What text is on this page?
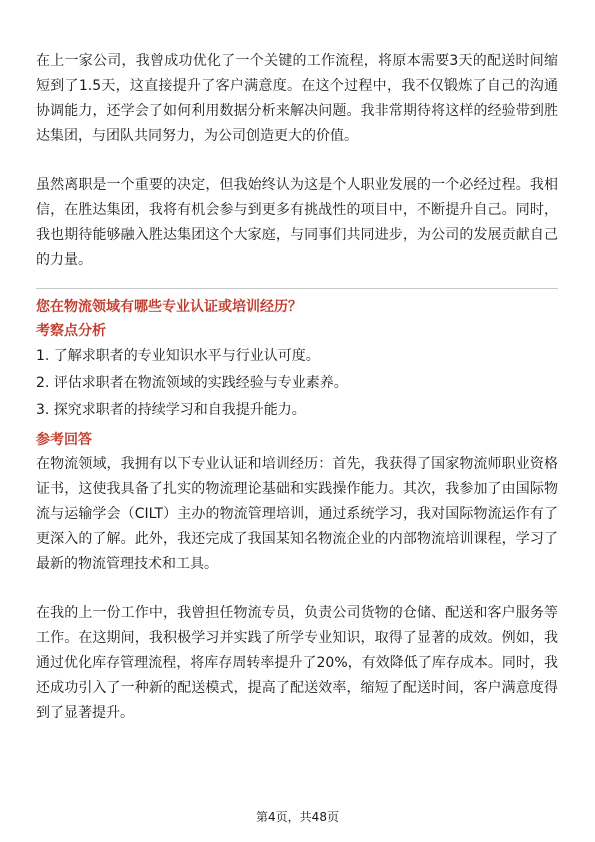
在上一家公司，我曾成功优化了一个关键的工作流程，将原本需要3天的配送时间缩短到了1.5天，这直接提升了客户满意度。在这个过程中，我不仅锻炼了自己的沟通协调能力，还学会了如何利用数据分析来解决问题。我非常期待将这样的经验带到胜达集团，与团队共同努力，为公司创造更大的价值。

虽然离职是一个重要的决定，但我始终认为这是个人职业发展的一个必经过程。我相信，在胜达集团，我将有机会参与到更多有挑战性的项目中，不断提升自己。同时，我也期待能够融入胜达集团这个大家庭，与同事们共同进步，为公司的发展贡献自己的力量。

您在物流领域有哪些专业认证或培训经历？

考察点分析

1. 了解求职者的专业知识水平与行业认可度。
2. 评估求职者在物流领域的实践经验与专业素养。
3. 探究求职者的持续学习和自我提升能力。

参考回答

在物流领域，我拥有以下专业认证和培训经历：首先，我获得了国家物流师职业资格证书，这使我具备了扎实的物流理论基础和实践操作能力。其次，我参加了由国际物流与运输学会（CILT）主办的物流管理培训，通过系统学习，我对国际物流运作有了更深入的了解。此外，我还完成了我国某知名物流企业的内部物流培训课程，学习了最新的物流管理技术和工具。

在我的上一份工作中，我曾担任物流专员，负责公司货物的仓储、配送和客户服务等工作。在这期间，我积极学习并实践了所学专业知识，取得了显著的成效。例如，我通过优化库存管理流程，将库存周转率提升了20%，有效降低了库存成本。同时，我还成功引入了一种新的配送模式，提高了配送效率，缩短了配送时间，客户满意度得到了显著提升。

第4页，共48页
